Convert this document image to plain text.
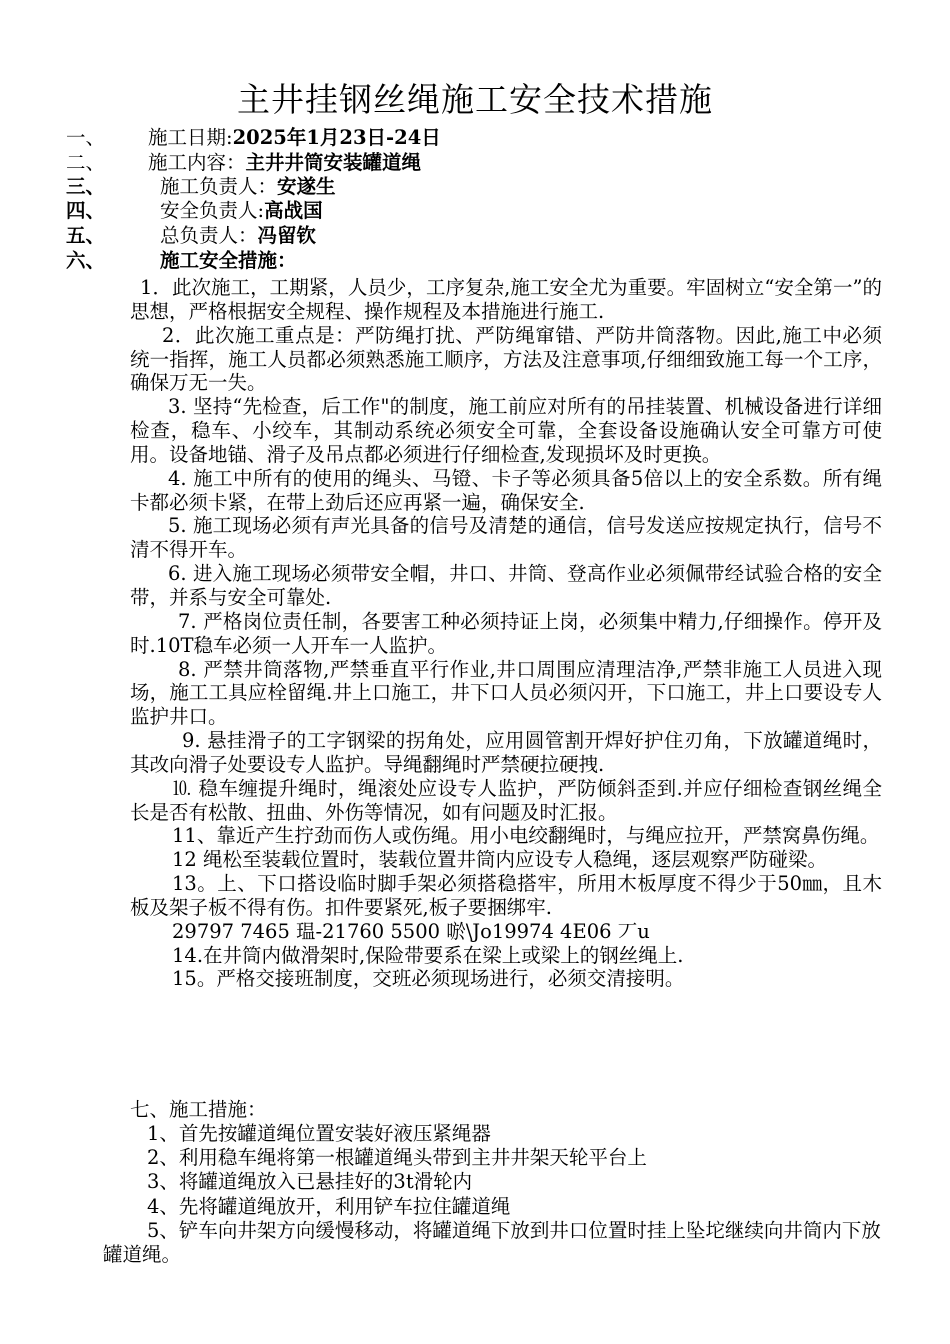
主井挂钢丝绳施工安全技术措施
一、	施工日期: 2025年1月23日-24日
二、	施工内容： 主井井筒安装罐道绳
三、	施工负责人： 安遂生
四、	安全负责人: 高战国
五、	总负责人： 冯留钦
六、	施工安全措施：

1．此次施工，工期紧，人员少，工序复杂,施工安全尤为重要。牢固树立“安全第一”的思想，严格根据安全规程、操作规程及本措施进行施工.

2．此次施工重点是：严防绳打扰、严防绳窜错、严防井筒落物。因此,施工中必须统一指挥，施工人员都必须熟悉施工顺序，方法及注意事项,仔细细致施工每一个工序，确保万无一失。

3. 坚持“先检查，后工作"的制度，施工前应对所有的吊挂装置、机械设备进行详细检查，稳车、小绞车，其制动系统必须安全可靠，全套设备设施确认安全可靠方可使用。设备地锚、滑子及吊点都必须进行仔细检查,发现损坏及时更换。

4. 施工中所有的使用的绳头、马镫、卡子等必须具备5倍以上的安全系数。所有绳卡都必须卡紧，在带上劲后还应再紧一遍，确保安全.

5. 施工现场必须有声光具备的信号及清楚的通信，信号发送应按规定执行，信号不清不得开车。

6. 进入施工现场必须带安全帽，井口、井筒、登高作业必须佩带经试验合格的安全带，并系与安全可靠处.

7. 严格岗位责任制，各要害工种必须持证上岗，必须集中精力,仔细操作。停开及时.10T稳车必须一人开车一人监护。

8. 严禁井筒落物,严禁垂直平行作业,井口周围应清理洁净,严禁非施工人员进入现场，施工工具应栓留绳.井上口施工，井下口人员必须闪开，下口施工，井上口要设专人监护井口。

9. 悬挂滑子的工字钢梁的拐角处，应用圆管割开焊好护住刃角，下放罐道绳时，其改向滑子处要设专人监护。导绳翻绳时严禁硬拉硬拽.

⒑ 稳车缠提升绳时，绳滚处应设专人监护，严防倾斜歪到.并应仔细检查钢丝绳全长是否有松散、扭曲、外伤等情况，如有问题及时汇报。

11、靠近产生拧劲而伤人或伤绳。用小电绞翻绳时，与绳应拉开，严禁窝鼻伤绳。

12 绳松至装载位置时，装载位置井筒内应设专人稳绳，逐层观察严防碰梁。

13。上、下口搭设临时脚手架必须搭稳搭牢，所用木板厚度不得少于50㎜，且木板及架子板不得有伤。扣件要紧死,板子要捆绑牢.

29797 7465 瑥-21760 5500 唹\Jo19974 4E06 丆u

14.在井筒内做滑架时,保险带要系在梁上或梁上的钢丝绳上.

15。严格交接班制度，交班必须现场进行，必须交清接明。

七、施工措施：

1、首先按罐道绳位置安装好液压紧绳器

2、利用稳车绳将第一根罐道绳头带到主井井架天轮平台上

3、将罐道绳放入已悬挂好的3t滑轮内

4、先将罐道绳放开，利用铲车拉住罐道绳

5、铲车向井架方向缓慢移动，将罐道绳下放到井口位置时挂上坠坨继续向井筒内下放罐道绳。
